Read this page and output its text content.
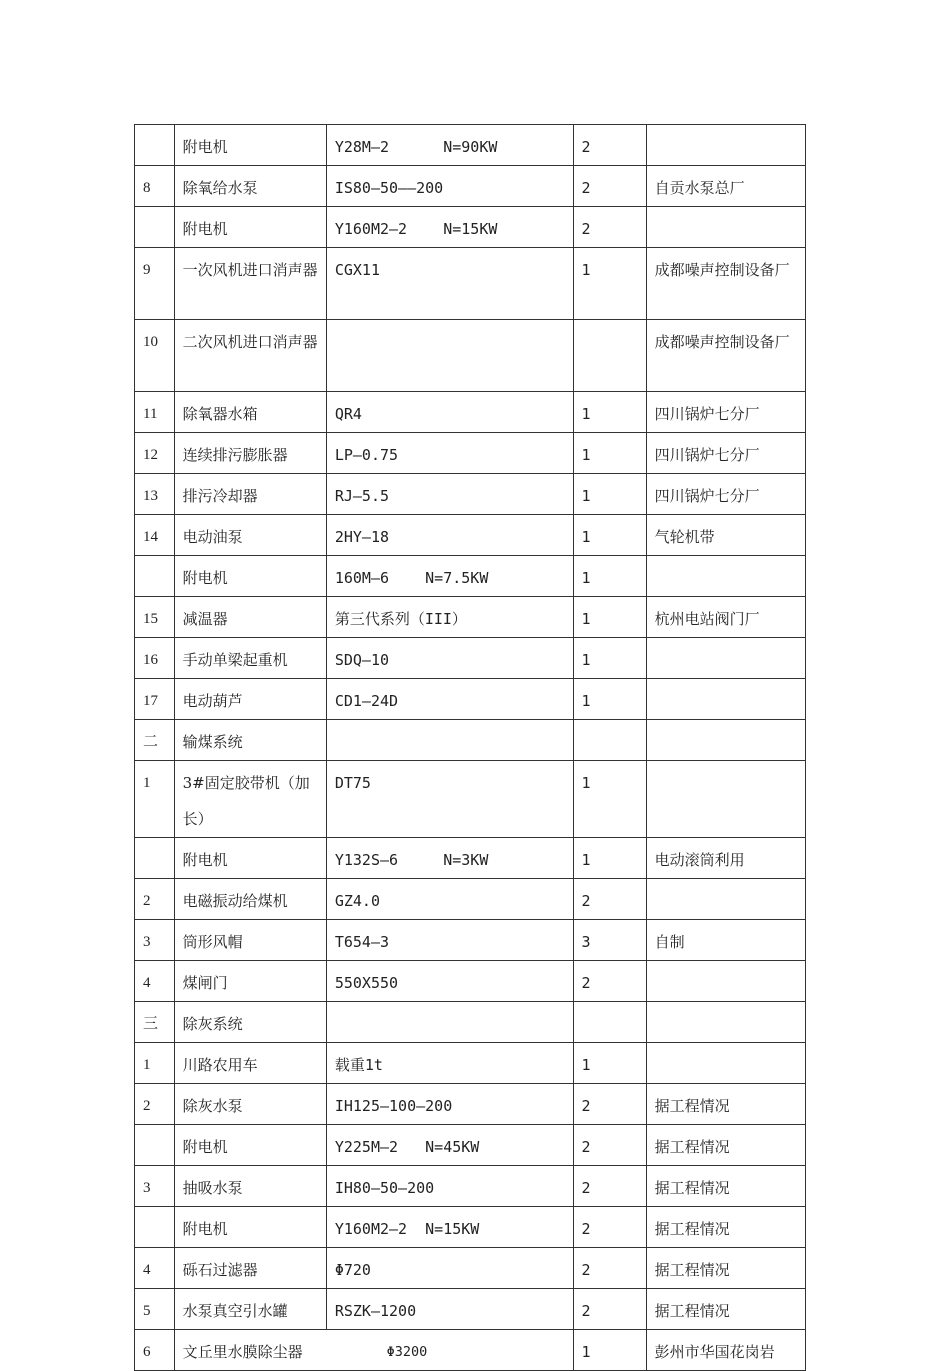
	附电机	Y28M—2      N=90KW	2	
8	除氧给水泵	IS80—50——200	2	自贡水泵总厂
	附电机	Y160M2—2    N=15KW	2	
9	一次风机进口消声器	CGX11	1	成都噪声控制设备厂
10	二次风机进口消声器			成都噪声控制设备厂
11	除氧器水箱	QR4	1	四川锅炉七分厂
12	连续排污膨胀器	LP—0.75	1	四川锅炉七分厂
13	排污冷却器	RJ—5.5	1	四川锅炉七分厂
14	电动油泵	2HY—18	1	气轮机带
	附电机	160M—6    N=7.5KW	1	
15	减温器	第三代系列（III）	1	杭州电站阀门厂
16	手动单梁起重机	SDQ—10	1	
17	电动葫芦	CD1—24D	1	
二	输煤系统			
1	3#固定胶带机（加长）	DT75	1	
	附电机	Y132S—6     N=3KW	1	电动滚筒利用
2	电磁振动给煤机	GZ4.0	2	
3	筒形风帽	T654—3	3	自制
4	煤闸门	550X550	2	
三	除灰系统			
1	川路农用车	载重1t	1	
2	除灰水泵	IH125—100—200	2	据工程情况
	附电机	Y225M—2   N=45KW	2	据工程情况
3	抽吸水泵	IH80—50—200	2	据工程情况
	附电机	Y160M2—2  N=15KW	2	据工程情况
4	砾石过滤器	Φ720	2	据工程情况
5	水泵真空引水罐	RSZK—1200	2	据工程情况
6	文丘里水膜除尘器 Φ3200		1	彭州市华国花岗岩
